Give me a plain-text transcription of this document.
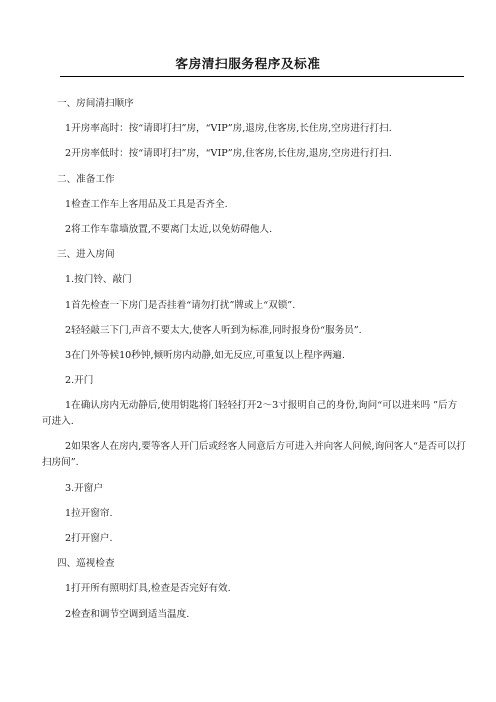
客房清扫服务程序及标准

一、房间清扫顺序

1开房率高时：按“请即打扫”房，“VIP”房,退房,住客房,长住房,空房进行打扫.

2开房率低时：按“请即打扫”房，“VIP”房,住客房,长住房,退房,空房进行打扫.

二、准备工作

1检查工作车上客用品及工具是否齐全.

2将工作车靠墙放置,不要离门太近,以免妨碍他人.

三、进入房间

1.按门铃、敲门

1首先检查一下房门是否挂着“请勿打扰”牌或上“双锁”.

2轻轻敲三下门,声音不要太大,使客人听到为标准,同时报身份“服务员”.

3在门外等候10秒钟,倾听房内动静,如无反应,可重复以上程序两遍.

2.开门

1在确认房内无动静后,使用钥匙将门轻轻打开2～3寸报明自己的身份,询问“可以进来吗 ”后方可进入.

2如果客人在房内,要等客人开门后或经客人同意后方可进入并向客人问候,询问客人“是否可以打扫房间”.

3.开窗户

1拉开窗帘.

2打开窗户.

四、巡视检查

1打开所有照明灯具,检查是否完好有效.

2检查和调节空调到适当温度.
